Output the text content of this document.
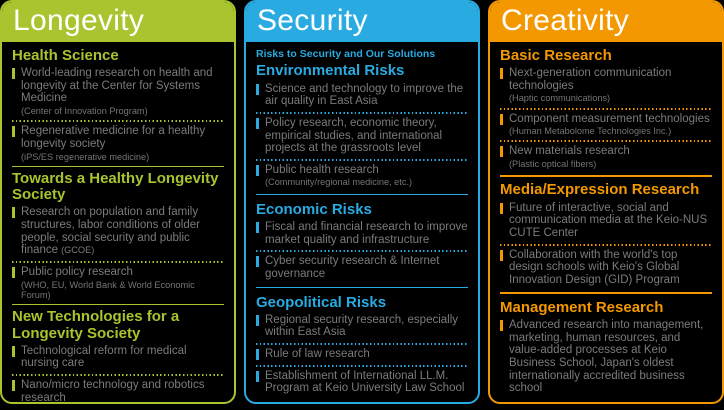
Longevity
Health Science
World-leading research on health and longevity at the Center for Systems Medicine
(Center of Innovation Program)
Regenerative medicine for a healthy longevity society
(iPS/ES regenerative medicine)
Towards a Healthy Longevity Society
Research on population and family structures, labor conditions of older people, social security and public finance (GCOE)
Public policy research
(WHO, EU, World Bank & World Economic Forum)
New Technologies for a Longevity Society
Technological reform for medical nursing care
Nano/micro technology and robotics research
Security
Risks to Security and Our Solutions
Environmental Risks
Science and technology to improve the air quality in East Asia
Policy research, economic theory, empirical studies, and international projects at the grassroots level
Public health research
(Community/regional medicine, etc.)
Economic Risks
Fiscal and financial research to improve market quality and infrastructure
Cyber security research & Internet governance
Geopolitical Risks
Regional security research, especially within East Asia
Rule of law research
Establishment of International LL.M. Program at Keio University Law School
Creativity
Basic Research
Next-generation communication technologies
(Haptic communications)
Component measurement technologies
(Human Metabolome Technologies Inc.)
New materials research
(Plastic optical fibers)
Media/Expression Research
Future of interactive, social and communication media at the Keio-NUS CUTE Center
Collaboration with the world's top design schools with Keio's Global Innovation Design (GID) Program
Management Research
Advanced research into management, marketing, human resources, and value-added processes at Keio Business School, Japan's oldest internationally accredited business school
